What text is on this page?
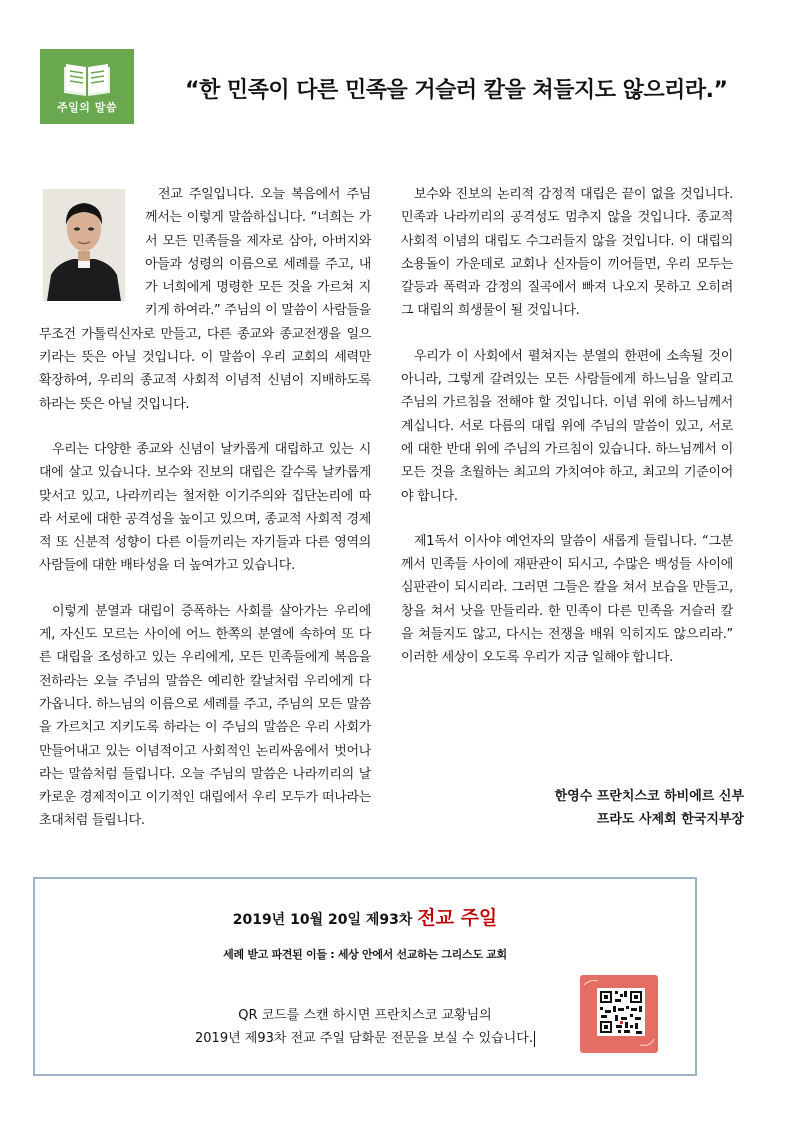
주일의 말씀
“한 민족이 다른 민족을 거슬러 칼을 쳐들지도 않으리라.”

전교 주일입니다. 오늘 복음에서 주님께서는 이렇게 말씀하십니다. “너희는 가서 모든 민족들을 제자로 삼아, 아버지와 아들과 성령의 이름으로 세례를 주고, 내가 너희에게 명령한 모든 것을 가르쳐 지키게 하여라.” 주님의 이 말씀이 사람들을 무조건 가톨릭신자로 만들고, 다른 종교와 종교전쟁을 일으키라는 뜻은 아닐 것입니다. 이 말씀이 우리 교회의 세력만 확장하여, 우리의 종교적 사회적 이념적 신념이 지배하도록 하라는 뜻은 아닐 것입니다.

우리는 다양한 종교와 신념이 날카롭게 대립하고 있는 시대에 살고 있습니다. 보수와 진보의 대립은 갈수록 날카롭게 맞서고 있고, 나라끼리는 철저한 이기주의와 집단논리에 따라 서로에 대한 공격성을 높이고 있으며, 종교적 사회적 경제적 또 신분적 성향이 다른 이들끼리는 자기들과 다른 영역의 사람들에 대한 배타성을 더 높여가고 있습니다.

이렇게 분열과 대립이 증폭하는 사회를 살아가는 우리에게, 자신도 모르는 사이에 어느 한쪽의 분열에 속하여 또 다른 대립을 조성하고 있는 우리에게, 모든 민족들에게 복음을 전하라는 오늘 주님의 말씀은 예리한 칼날처럼 우리에게 다가옵니다. 하느님의 이름으로 세례를 주고, 주님의 모든 말씀을 가르치고 지키도록 하라는 이 주님의 말씀은 우리 사회가 만들어내고 있는 이념적이고 사회적인 논리싸움에서 벗어나라는 말씀처럼 들립니다. 오늘 주님의 말씀은 나라끼리의 날카로운 경제적이고 이기적인 대립에서 우리 모두가 떠나라는 초대처럼 들립니다.

보수와 진보의 논리적 감정적 대립은 끝이 없을 것입니다. 민족과 나라끼리의 공격성도 멈추지 않을 것입니다. 종교적 사회적 이념의 대립도 수그러들지 않을 것입니다. 이 대립의 소용돌이 가운데로 교회나 신자들이 끼어들면, 우리 모두는 갈등과 폭력과 감정의 질곡에서 빠져 나오지 못하고 오히려 그 대립의 희생물이 될 것입니다.

우리가 이 사회에서 펼쳐지는 분열의 한편에 소속될 것이 아니라, 그렇게 갈려있는 모든 사람들에게 하느님을 알리고 주님의 가르침을 전해야 할 것입니다. 이념 위에 하느님께서 계십니다. 서로 다름의 대립 위에 주님의 말씀이 있고, 서로에 대한 반대 위에 주님의 가르침이 있습니다. 하느님께서 이 모든 것을 초월하는 최고의 가치여야 하고, 최고의 기준이어야 합니다.

제1독서 이사야 예언자의 말씀이 새롭게 들립니다. “그분께서 민족들 사이에 재판관이 되시고, 수많은 백성들 사이에 심판관이 되시리라. 그러면 그들은 칼을 쳐서 보습을 만들고, 창을 쳐서 낫을 만들리라. 한 민족이 다른 민족을 거슬러 칼을 쳐들지도 않고, 다시는 전쟁을 배워 익히지도 않으리라.” 이러한 세상이 오도록 우리가 지금 일해야 합니다.

한영수 프란치스코 하비에르 신부
프라도 사제회 한국지부장
2019년 10월 20일 제93차 전교 주일
세례 받고 파견된 이들 : 세상 안에서 선교하는 그리스도 교회
QR 코드를 스캔 하시면 프란치스코 교황님의
2019년 제93차 전교 주일 담화문 전문을 보실 수 있습니다.
